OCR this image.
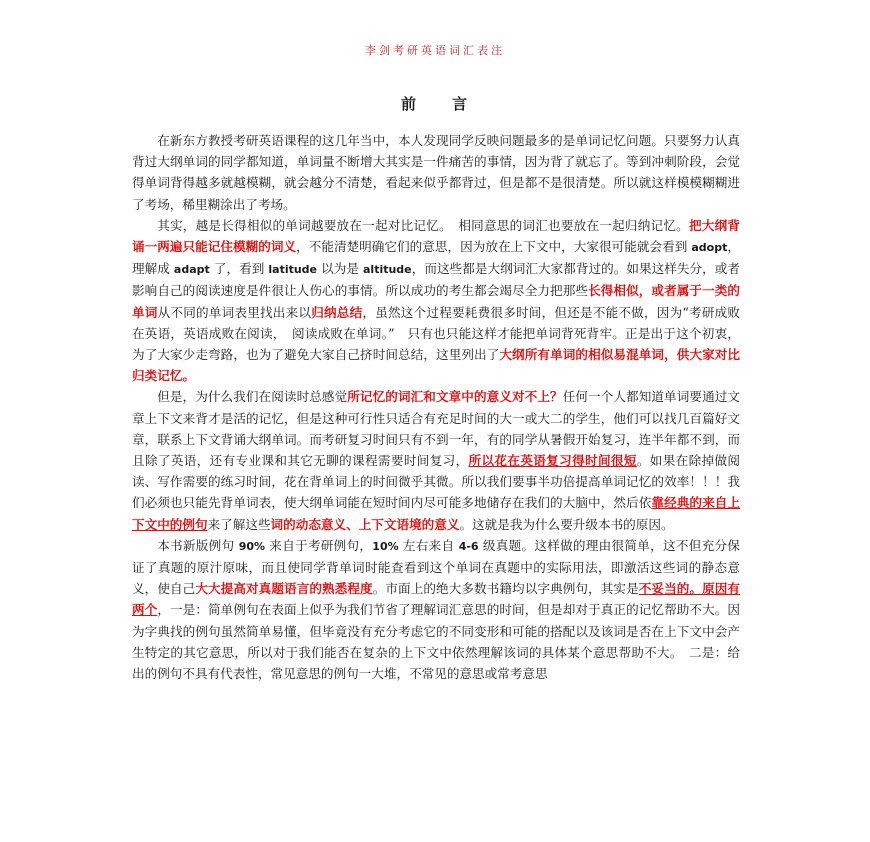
李剑考研英语词汇表注
前 言

在新东方教授考研英语课程的这几年当中，本人发现同学反映问题最多的是单词记忆问题。只要努力认真背过大纲单词的同学都知道，单词量不断增大其实是一件痛苦的事情，因为背了就忘了。等到冲刺阶段，会觉得单词背得越多就越模糊，就会越分不清楚，看起来似乎都背过，但是都不是很清楚。所以就这样模模糊糊进了考场，稀里糊涂出了考场。

其实，越是长得相似的单词越要放在一起对比记忆。　相同意思的词汇也要放在一起归纳记忆。把大纲背诵一两遍只能记住模糊的词义，不能清楚明确它们的意思，因为放在上下文中，大家很可能就会看到 adopt，理解成 adapt 了，看到 latitude 以为是 altitude，而这些都是大纲词汇大家都背过的。如果这样失分，或者影响自己的阅读速度是件很让人伤心的事情。所以成功的考生都会竭尽全力把那些长得相似，或者属于一类的单词从不同的单词表里找出来以归纳总结，虽然这个过程要耗费很多时间，但还是不能不做，因为“考研成败在英语，英语成败在阅读，　阅读成败在单词。”　只有也只能这样才能把单词背死背牢。正是出于这个初衷，为了大家少走弯路，也为了避免大家自己挤时间总结，这里列出了大纲所有单词的相似易混单词，供大家对比归类记忆。

但是，为什么我们在阅读时总感觉所记忆的词汇和文章中的意义对不上？任何一个人都知道单词要通过文章上下文来背才是活的记忆，但是这种可行性只适合有充足时间的大一或大二的学生，他们可以找几百篇好文章，联系上下文背诵大纲单词。而考研复习时间只有不到一年，有的同学从暑假开始复习，连半年都不到，而且除了英语，还有专业课和其它无聊的课程需要时间复习，所以花在英语复习得时间很短。如果在除掉做阅读、写作需要的练习时间，花在背单词上的时间微乎其微。所以我们要事半功倍提高单词记忆的效率！！！我们必须也只能先背单词表，使大纲单词能在短时间内尽可能多地储存在我们的大脑中，然后依靠经典的来自上下文中的例句来了解这些词的动态意义、上下文语境的意义。这就是我为什么要升级本书的原因。

本书新版例句 90% 来自于考研例句，10% 左右来自 4-6 级真题。这样做的理由很简单，这不但充分保证了真题的原汁原味，而且使同学背单词时能查看到这个单词在真题中的实际用法，即激活这些词的静态意义，使自己大大提高对真题语言的熟悉程度。市面上的绝大多数书籍均以字典例句，其实是不妥当的。原因有两个，一是：简单例句在表面上似乎为我们节省了理解词汇意思的时间，但是却对于真正的记忆帮助不大。因为字典找的例句虽然简单易懂，但毕竟没有充分考虑它的不同变形和可能的搭配以及该词是否在上下文中会产生特定的其它意思，所以对于我们能否在复杂的上下文中依然理解该词的具体某个意思帮助不大。　二是：给出的例句不具有代表性，常见意思的例句一大堆，不常见的意思或常考意思
